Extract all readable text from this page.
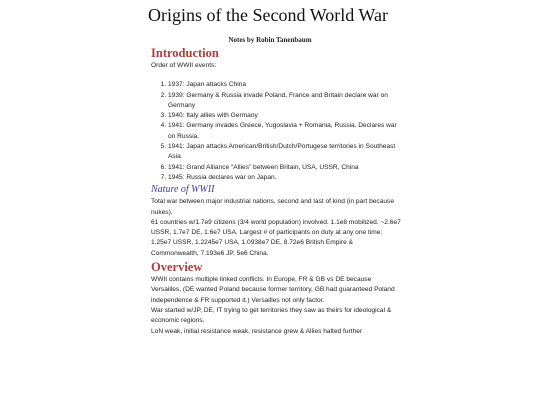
Origins of the Second World War
Notes by Robin Tanenbaum
Introduction

Order of WWII events:

1. 1937: Japan attacks China
2. 1939: Germany & Russia invade Poland, France and Britain declare war on Germany
3. 1940: Italy allies with Germany
4. 1941: Germany invades Greece, Yugoslavia + Romania, Russia. Declares war on Russia.
5. 1941: Japan attacks American/British/Dutch/Portugese territories in Southeast Asia
6. 1941: Grand Alliance “Allies” between Britain, USA, USSR, China
7. 1945: Russia declares war on Japan.
Nature of WWII

Total war between major industrial nations, second and last of kind (in part because nukes).

61 countries w/1.7e9 citizens (3/4 world population) involved. 1.1e8 mobilized. ~2.6e7 USSR, 1.7e7 DE, 1.6e7 USA. Largest # of participants on duty at any one time: 1.25e7 USSR, 1.2245e7 USA, 1.0938e7 DE, 8.72e6 British Empire & Commonwealth, 7.193e6 JP, 5e6 China.

Overview

WWII contains multiple linked conflicts. In Europe, FR & GB vs DE because Versailles. (DE wanted Poland because former territory, GB had guaranteed Poland independence & FR supported it.) Versailles not only factor.

War started w/JP, DE, IT trying to get territories they saw as theirs for ideological & economic regions.

LoN weak, initial resistance weak, resistance grew & Allies halted further
